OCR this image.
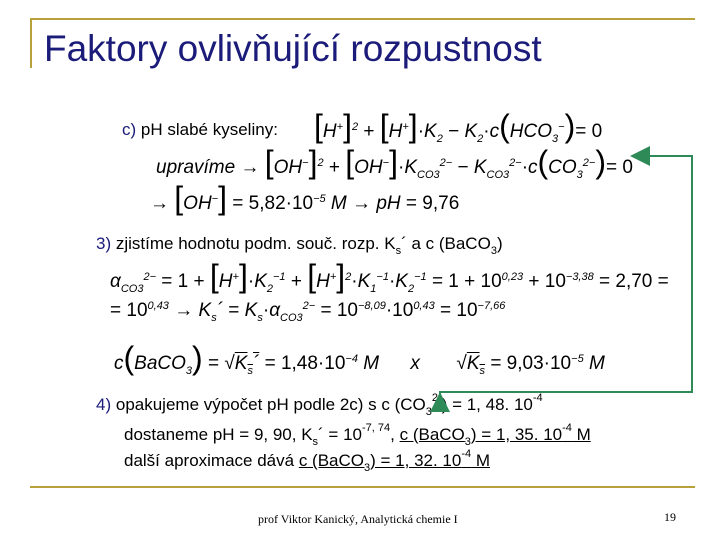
Faktory ovlivňující rozpustnost
c) pH slabé kyseliny: $[H^+]^2 + [H^+]\cdot K_2 - K_2\cdot c(HCO_3^-)= 0$
upravíme → $[OH^-]^2 + [OH^-]\cdot K_{CO3}^{2-} - K_{CO3}^{2-}\cdot c(CO_3^{2-})= 0$
→ $[OH^-] = 5,82\cdot 10^{-5}$ M → pH = 9,76
3) zjistíme hodnotu podm. souč. rozp. $K_s´$ a c (BaCO$_3$)
$\alpha_{CO3}^{2-} = 1 + [H^+]\cdot K_2^{-1} + [H^+]^2\cdot K_1^{-1}\cdot K_2^{-1} = 1 + 10^{0,23} + 10^{-3,38} = 2,70$ =
= $10^{0,43}$ → $K_s´ = K_s\cdot\alpha_{CO3}^{2-} = 10^{-8,09}\cdot 10^{0,43} = 10^{-7,66}$
c(BaCO$_3$) = $√K_s´ = 1,48\cdot 10^{-4}$ M x  $√K_s = 9,03\cdot 10^{-5}$ M
4) opakujeme výpočet pH podle 2c) s c $(CO_3^{2-}) = 1$, 48. $10^{-4}$
dostaneme pH = 9, 90, $K_s´ = 10^{-7, 74}$, c (BaCO$_3$) = 1, 35. $10^{-4}$ M
další aproximace dává c (BaCO$_3$) = 1, 32. $10^{-4}$ M
prof Viktor Kanický, Analytická chemie I	19
